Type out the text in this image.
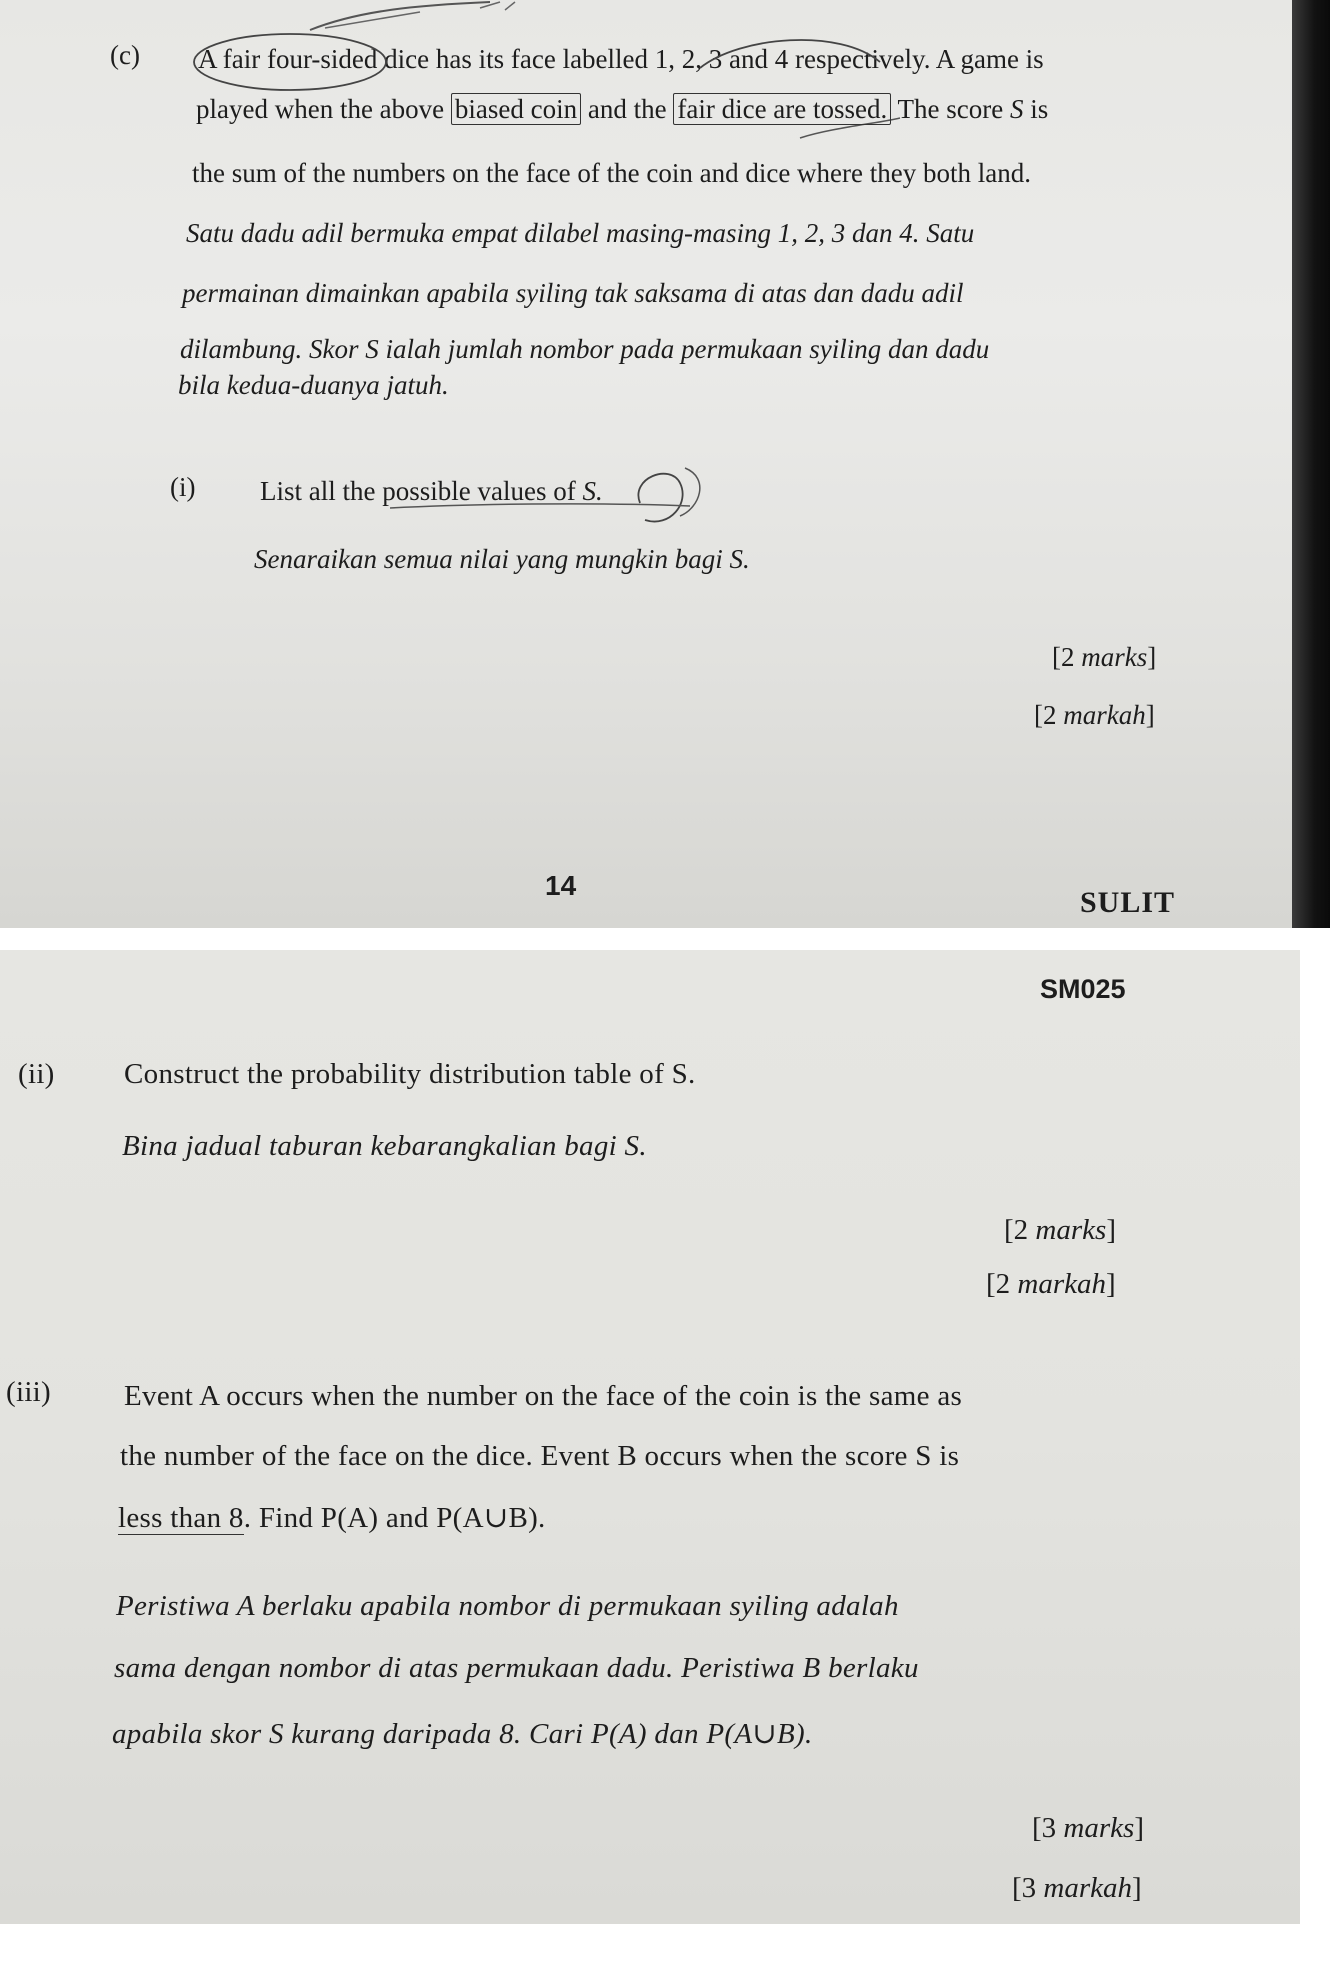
(c) A fair four-sided dice has its face labelled 1, 2, 3 and 4 respectively. A game is
played when the above biased coin and the fair dice are tossed. The score S is
the sum of the numbers on the face of the coin and dice where they both land.
Satu dadu adil bermuka empat dilabel masing-masing 1, 2, 3 dan 4. Satu
permainan dimainkan apabila syiling tak saksama di atas dan dadu adil
dilambung. Skor S ialah jumlah nombor pada permukaan syiling dan dadu
bila kedua-duanya jatuh.
(i) List all the possible values of S.
Senaraikan semua nilai yang mungkin bagi S.
[2 marks]
[2 markah]
14
SULIT
SM025
(ii) Construct the probability distribution table of S.
Bina jadual taburan kebarangkalian bagi S.
[2 marks]
[2 markah]
(iii)	Event A occurs when the number on the face of the coin is the same as
the number of the face on the dice. Event B occurs when the score S is
less than 8. Find P(A) and P(A∪B).
Peristiwa A berlaku apabila nombor di permukaan syiling adalah
sama dengan nombor di atas permukaan dadu. Peristiwa B berlaku
apabila skor S kurang daripada 8. Cari P(A) dan P(A∪B).
[3 marks]
[3 markah]
